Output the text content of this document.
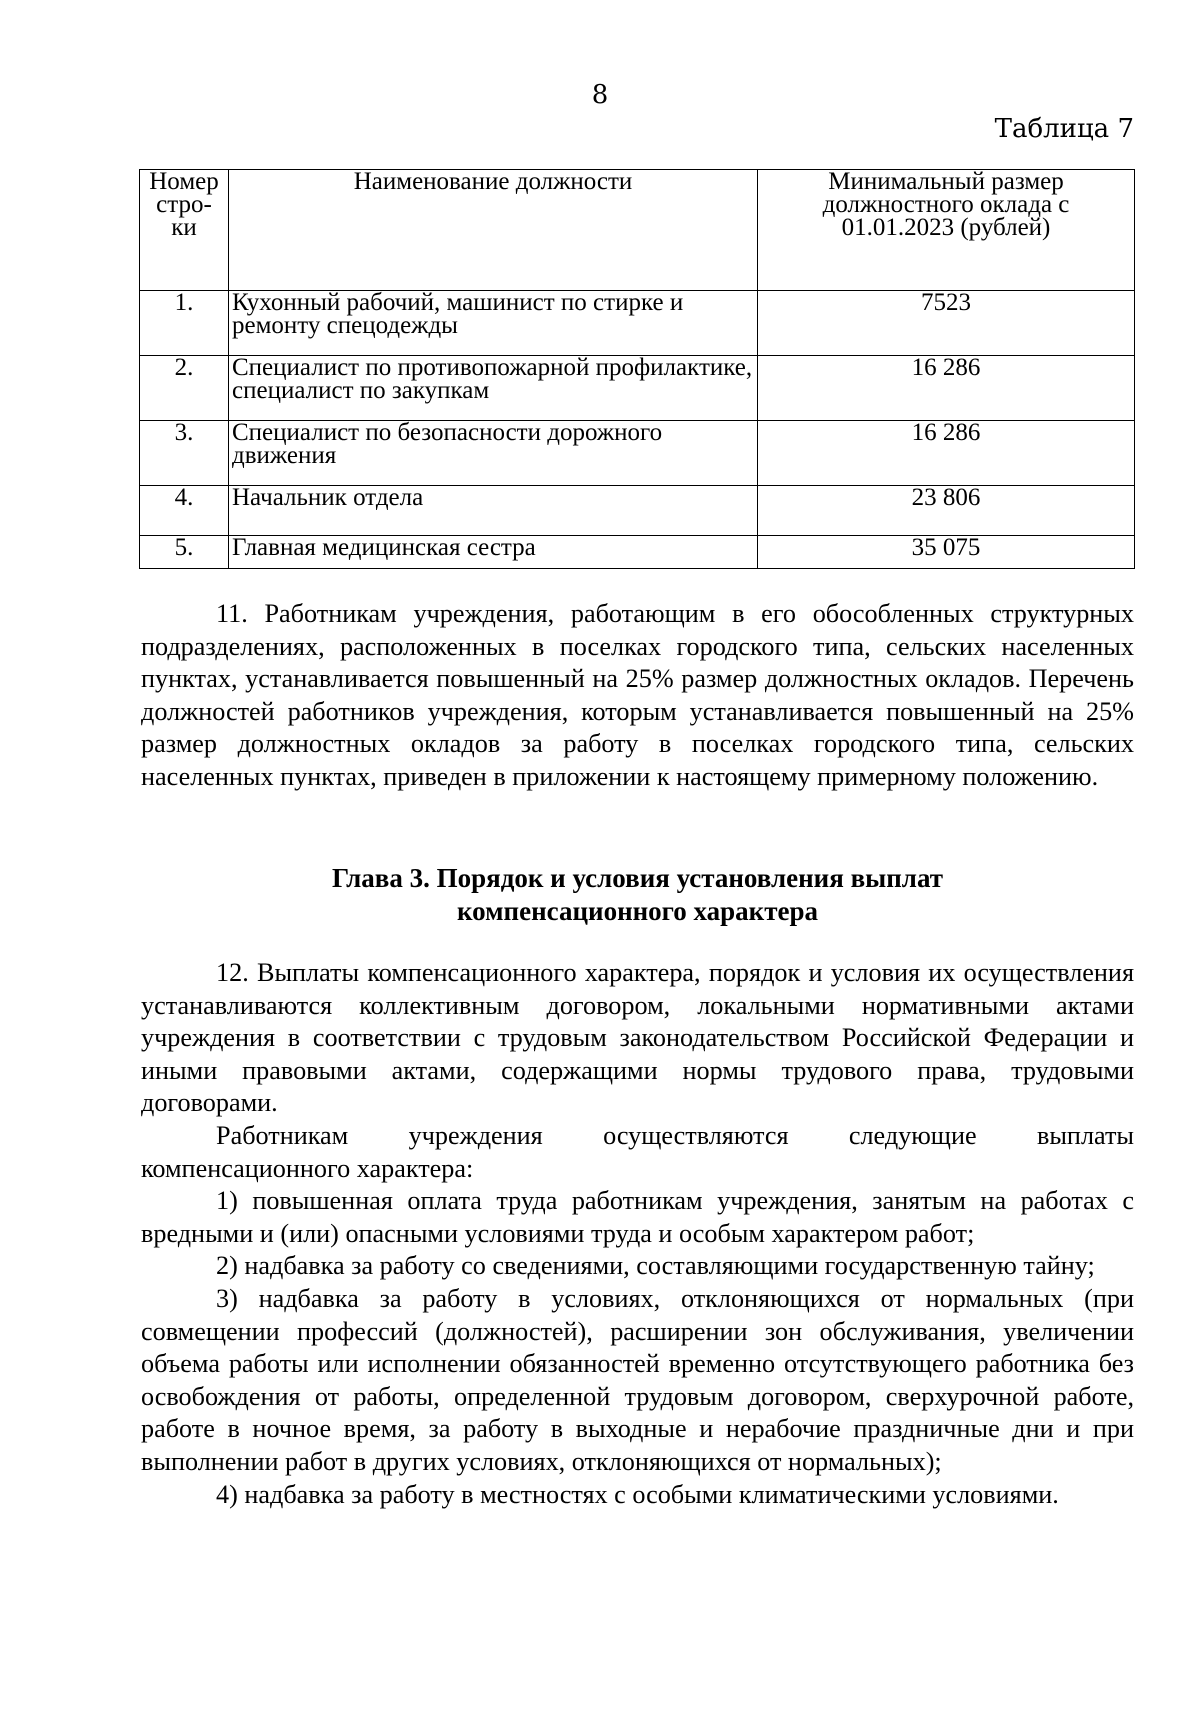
8
Таблица 7
Номер стро- ки	Наименование должности	Минимальный размер должностного оклада с 01.01.2023 (рублей)
1.	Кухонный рабочий, машинист по стирке и ремонту спецодежды	7523
2.	Специалист по противопожарной профилактике, специалист по закупкам	16 286
3.	Специалист по безопасности дорожного движения	16 286
4.	Начальник отдела	23 806
5.	Главная медицинская сестра	35 075

11. Работникам учреждения, работающим в его обособленных структурных подразделениях, расположенных в поселках городского типа, сельских населенных пунктах, устанавливается повышенный на 25% размер должностных окладов. Перечень должностей работников учреждения, которым устанавливается повышенный на 25% размер должностных окладов за работу в поселках городского типа, сельских населенных пунктах, приведен в приложении к настоящему примерному положению.

Глава 3. Порядок и условия установления выплат
компенсационного характера

12. Выплаты компенсационного характера, порядок и условия их осуществления устанавливаются коллективным договором, локальными нормативными актами учреждения в соответствии с трудовым законодательством Российской Федерации и иными правовыми актами, содержащими нормы трудового права, трудовыми договорами.

Работникам учреждения осуществляются следующие выплаты компенсационного характера:

1) повышенная оплата труда работникам учреждения, занятым на работах с вредными и (или) опасными условиями труда и особым характером работ;

2) надбавка за работу со сведениями, составляющими государственную тайну;

3) надбавка за работу в условиях, отклоняющихся от нормальных (при совмещении профессий (должностей), расширении зон обслуживания, увеличении объема работы или исполнении обязанностей временно отсутствующего работника без освобождения от работы, определенной трудовым договором, сверхурочной работе, работе в ночное время, за работу в выходные и нерабочие праздничные дни и при выполнении работ в других условиях, отклоняющихся от нормальных);

4) надбавка за работу в местностях с особыми климатическими условиями.
